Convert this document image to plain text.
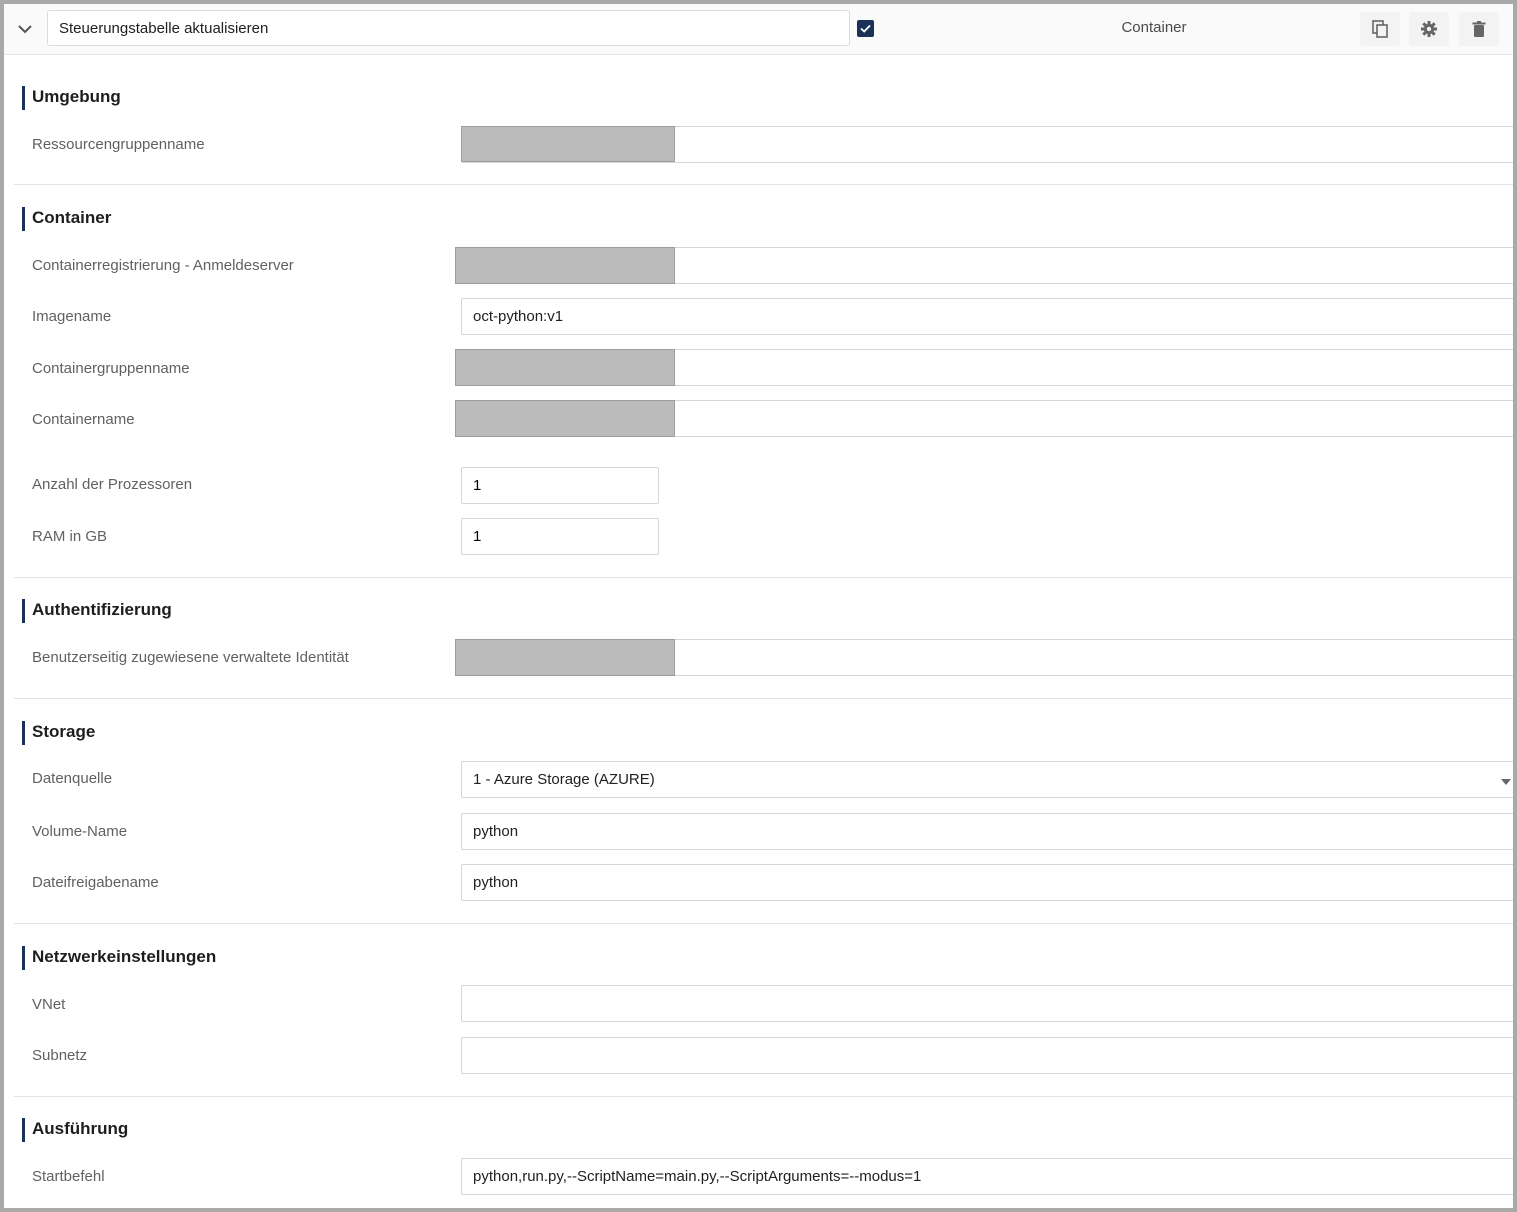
Steuerungstabelle aktualisieren
Container
Umgebung
Ressourcengruppenname
Container
Containerregistrierung - Anmeldeserver
Imagename
oct-python:v1
Containergruppenname
Containername
Anzahl der Prozessoren
1
RAM in GB
1
Authentifizierung
Benutzerseitig zugewiesene verwaltete Identität
Storage
Datenquelle	1 - Azure Storage (AZURE)
Volume-Name
python
Dateifreigabename
python
Netzwerkeinstellungen
VNet
Subnetz
Ausführung
Startbefehl
python,run.py,--ScriptName=main.py,--ScriptArguments=--modus=1
